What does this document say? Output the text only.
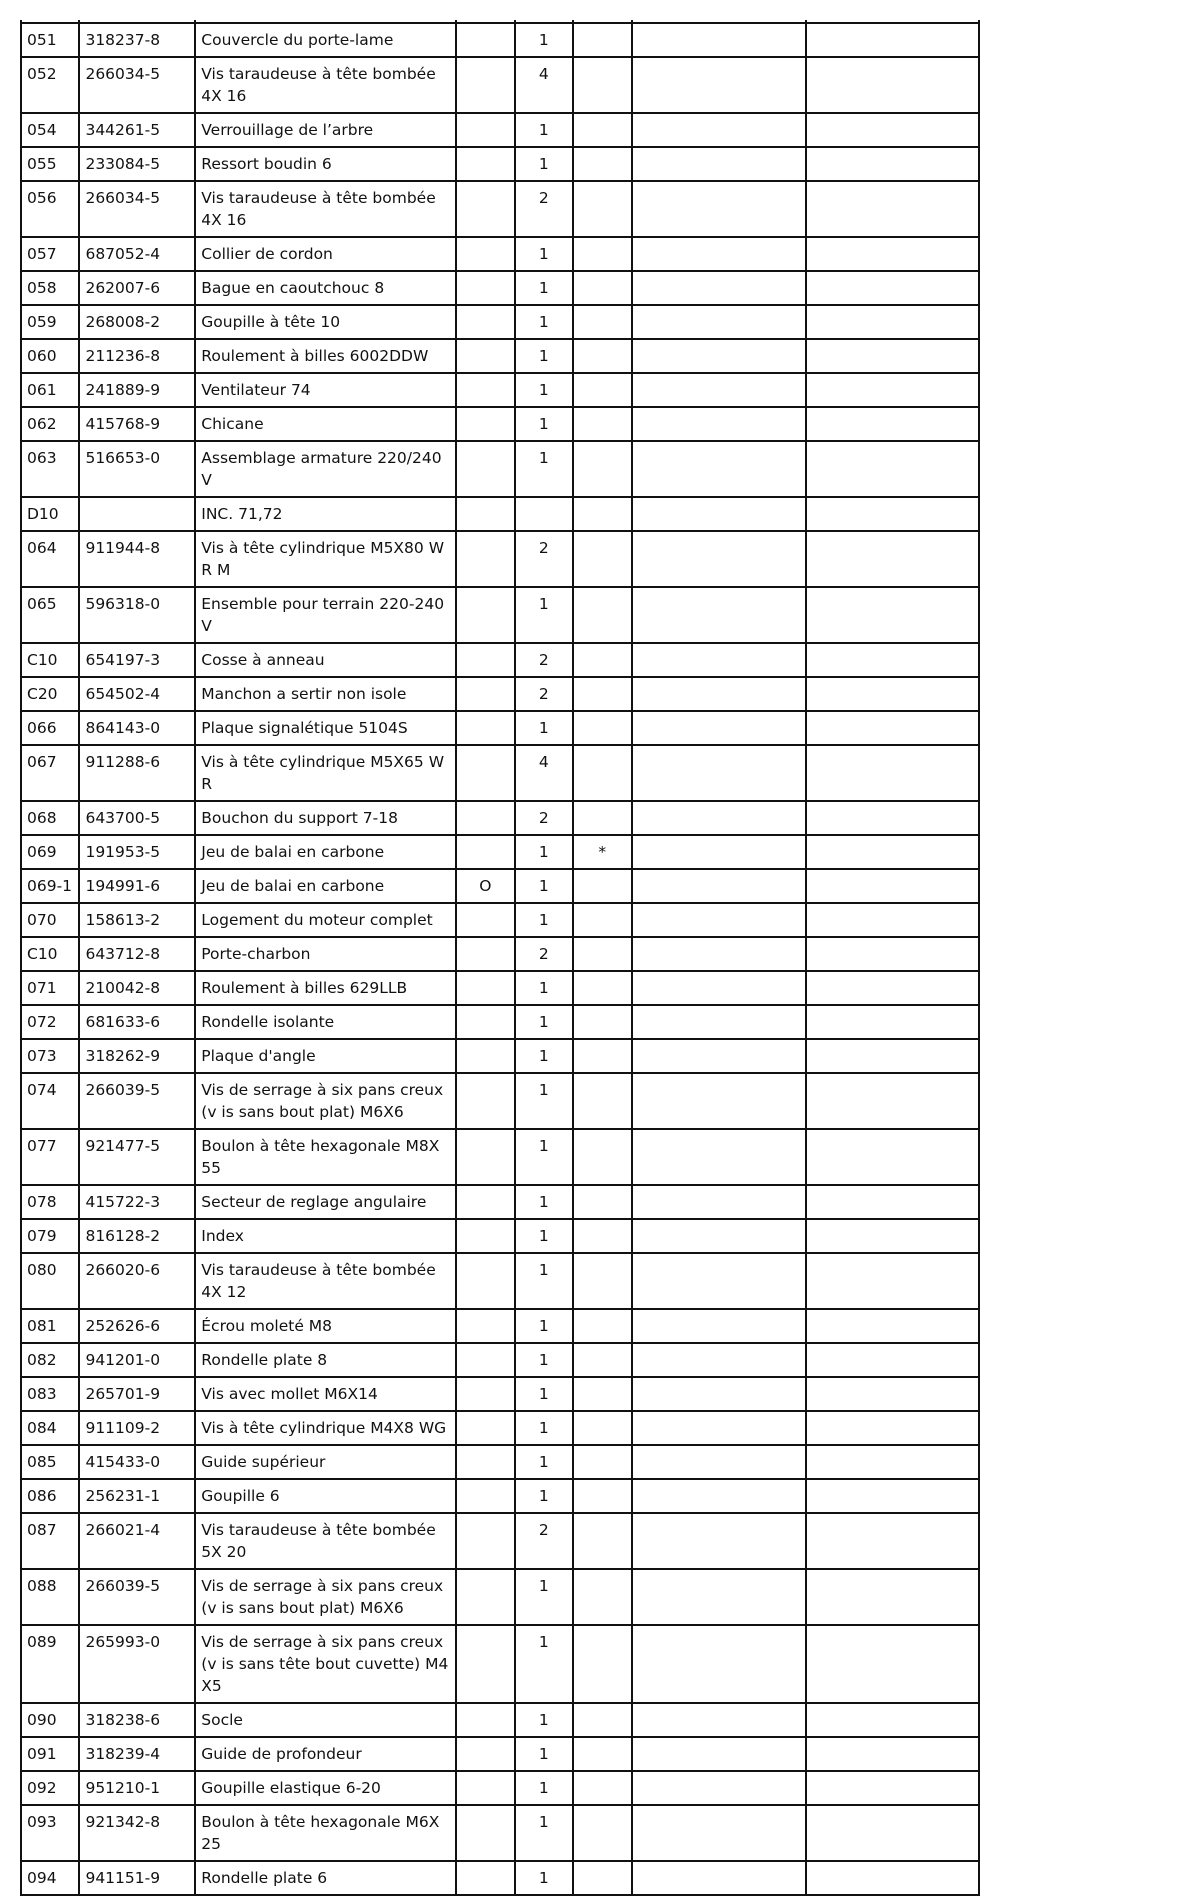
051	318237-8	Couvercle du porte-lame		1			
052	266034-5	Vis taraudeuse à tête bombée 4X 16		4			
054	344261-5	Verrouillage de l’arbre		1			
055	233084-5	Ressort boudin 6		1			
056	266034-5	Vis taraudeuse à tête bombée 4X 16		2			
057	687052-4	Collier de cordon		1			
058	262007-6	Bague en caoutchouc 8		1			
059	268008-2	Goupille à tête 10		1			
060	211236-8	Roulement à billes 6002DDW		1			
061	241889-9	Ventilateur 74		1			
062	415768-9	Chicane		1			
063	516653-0	Assemblage armature 220/240V		1			
D10		INC. 71,72					
064	911944-8	Vis à tête cylindrique M5X80 WR M		2			
065	596318-0	Ensemble pour terrain 220-240V		1			
C10	654197-3	Cosse à anneau		2			
C20	654502-4	Manchon a sertir non isole		2			
066	864143-0	Plaque signalétique 5104S		1			
067	911288-6	Vis à tête cylindrique M5X65 WR		4			
068	643700-5	Bouchon du support 7-18		2			
069	191953-5	Jeu de balai en carbone		1	*		
069-1	194991-6	Jeu de balai en carbone	O	1			
070	158613-2	Logement du moteur complet		1			
C10	643712-8	Porte-charbon		2			
071	210042-8	Roulement à billes 629LLB		1			
072	681633-6	Rondelle isolante		1			
073	318262-9	Plaque d'angle		1			
074	266039-5	Vis de serrage à six pans creux (v is sans bout plat) M6X6		1			
077	921477-5	Boulon à tête hexagonale M8X55		1			
078	415722-3	Secteur de reglage angulaire		1			
079	816128-2	Index		1			
080	266020-6	Vis taraudeuse à tête bombée 4X 12		1			
081	252626-6	Écrou moleté M8		1			
082	941201-0	Rondelle plate 8		1			
083	265701-9	Vis avec mollet M6X14		1			
084	911109-2	Vis à tête cylindrique M4X8 WG		1			
085	415433-0	Guide supérieur		1			
086	256231-1	Goupille 6		1			
087	266021-4	Vis taraudeuse à tête bombée 5X 20		2			
088	266039-5	Vis de serrage à six pans creux (v is sans bout plat) M6X6		1			
089	265993-0	Vis de serrage à six pans creux (v is sans tête bout cuvette) M4X5		1			
090	318238-6	Socle		1			
091	318239-4	Guide de profondeur		1			
092	951210-1	Goupille elastique 6-20		1			
093	921342-8	Boulon à tête hexagonale M6X25		1			
094	941151-9	Rondelle plate 6		1			
